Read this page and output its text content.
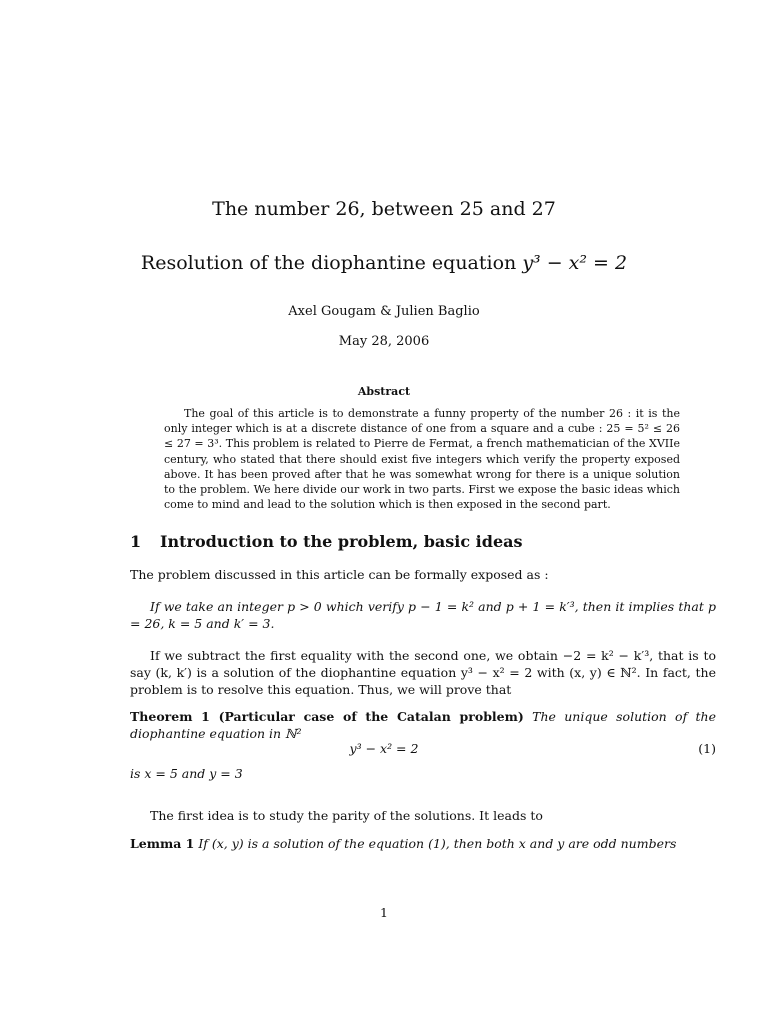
The number 26, between 25 and 27
Resolution of the diophantine equation y³ − x² = 2
Axel Gougam & Julien Baglio
May 28, 2006
Abstract
The goal of this article is to demonstrate a funny property of the number 26 : it is the only integer which is at a discrete distance of one from a square and a cube : 25 = 5² ≤ 26 ≤ 27 = 3³. This problem is related to Pierre de Fermat, a french mathematician of the XVIIe century, who stated that there should exist five integers which verify the property exposed above. It has been proved after that he was somewhat wrong for there is a unique solution to the problem. We here divide our work in two parts. First we expose the basic ideas which come to mind and lead to the solution which is then exposed in the second part.
1 Introduction to the problem, basic ideas
The problem discussed in this article can be formally exposed as :
If we take an integer p > 0 which verify p − 1 = k² and p + 1 = k′³, then it implies that p = 26, k = 5 and k′ = 3.
If we subtract the first equality with the second one, we obtain −2 = k² − k′³, that is to say (k, k′) is a solution of the diophantine equation y³ − x² = 2 with (x, y) ∈ ℕ². In fact, the problem is to resolve this equation. Thus, we will prove that
Theorem 1 (Particular case of the Catalan problem) The unique solution of the diophantine equation in ℕ²
y³ − x² = 2	(1)
is x = 5 and y = 3
The first idea is to study the parity of the solutions. It leads to
Lemma 1 If (x, y) is a solution of the equation (1), then both x and y are odd numbers
1
